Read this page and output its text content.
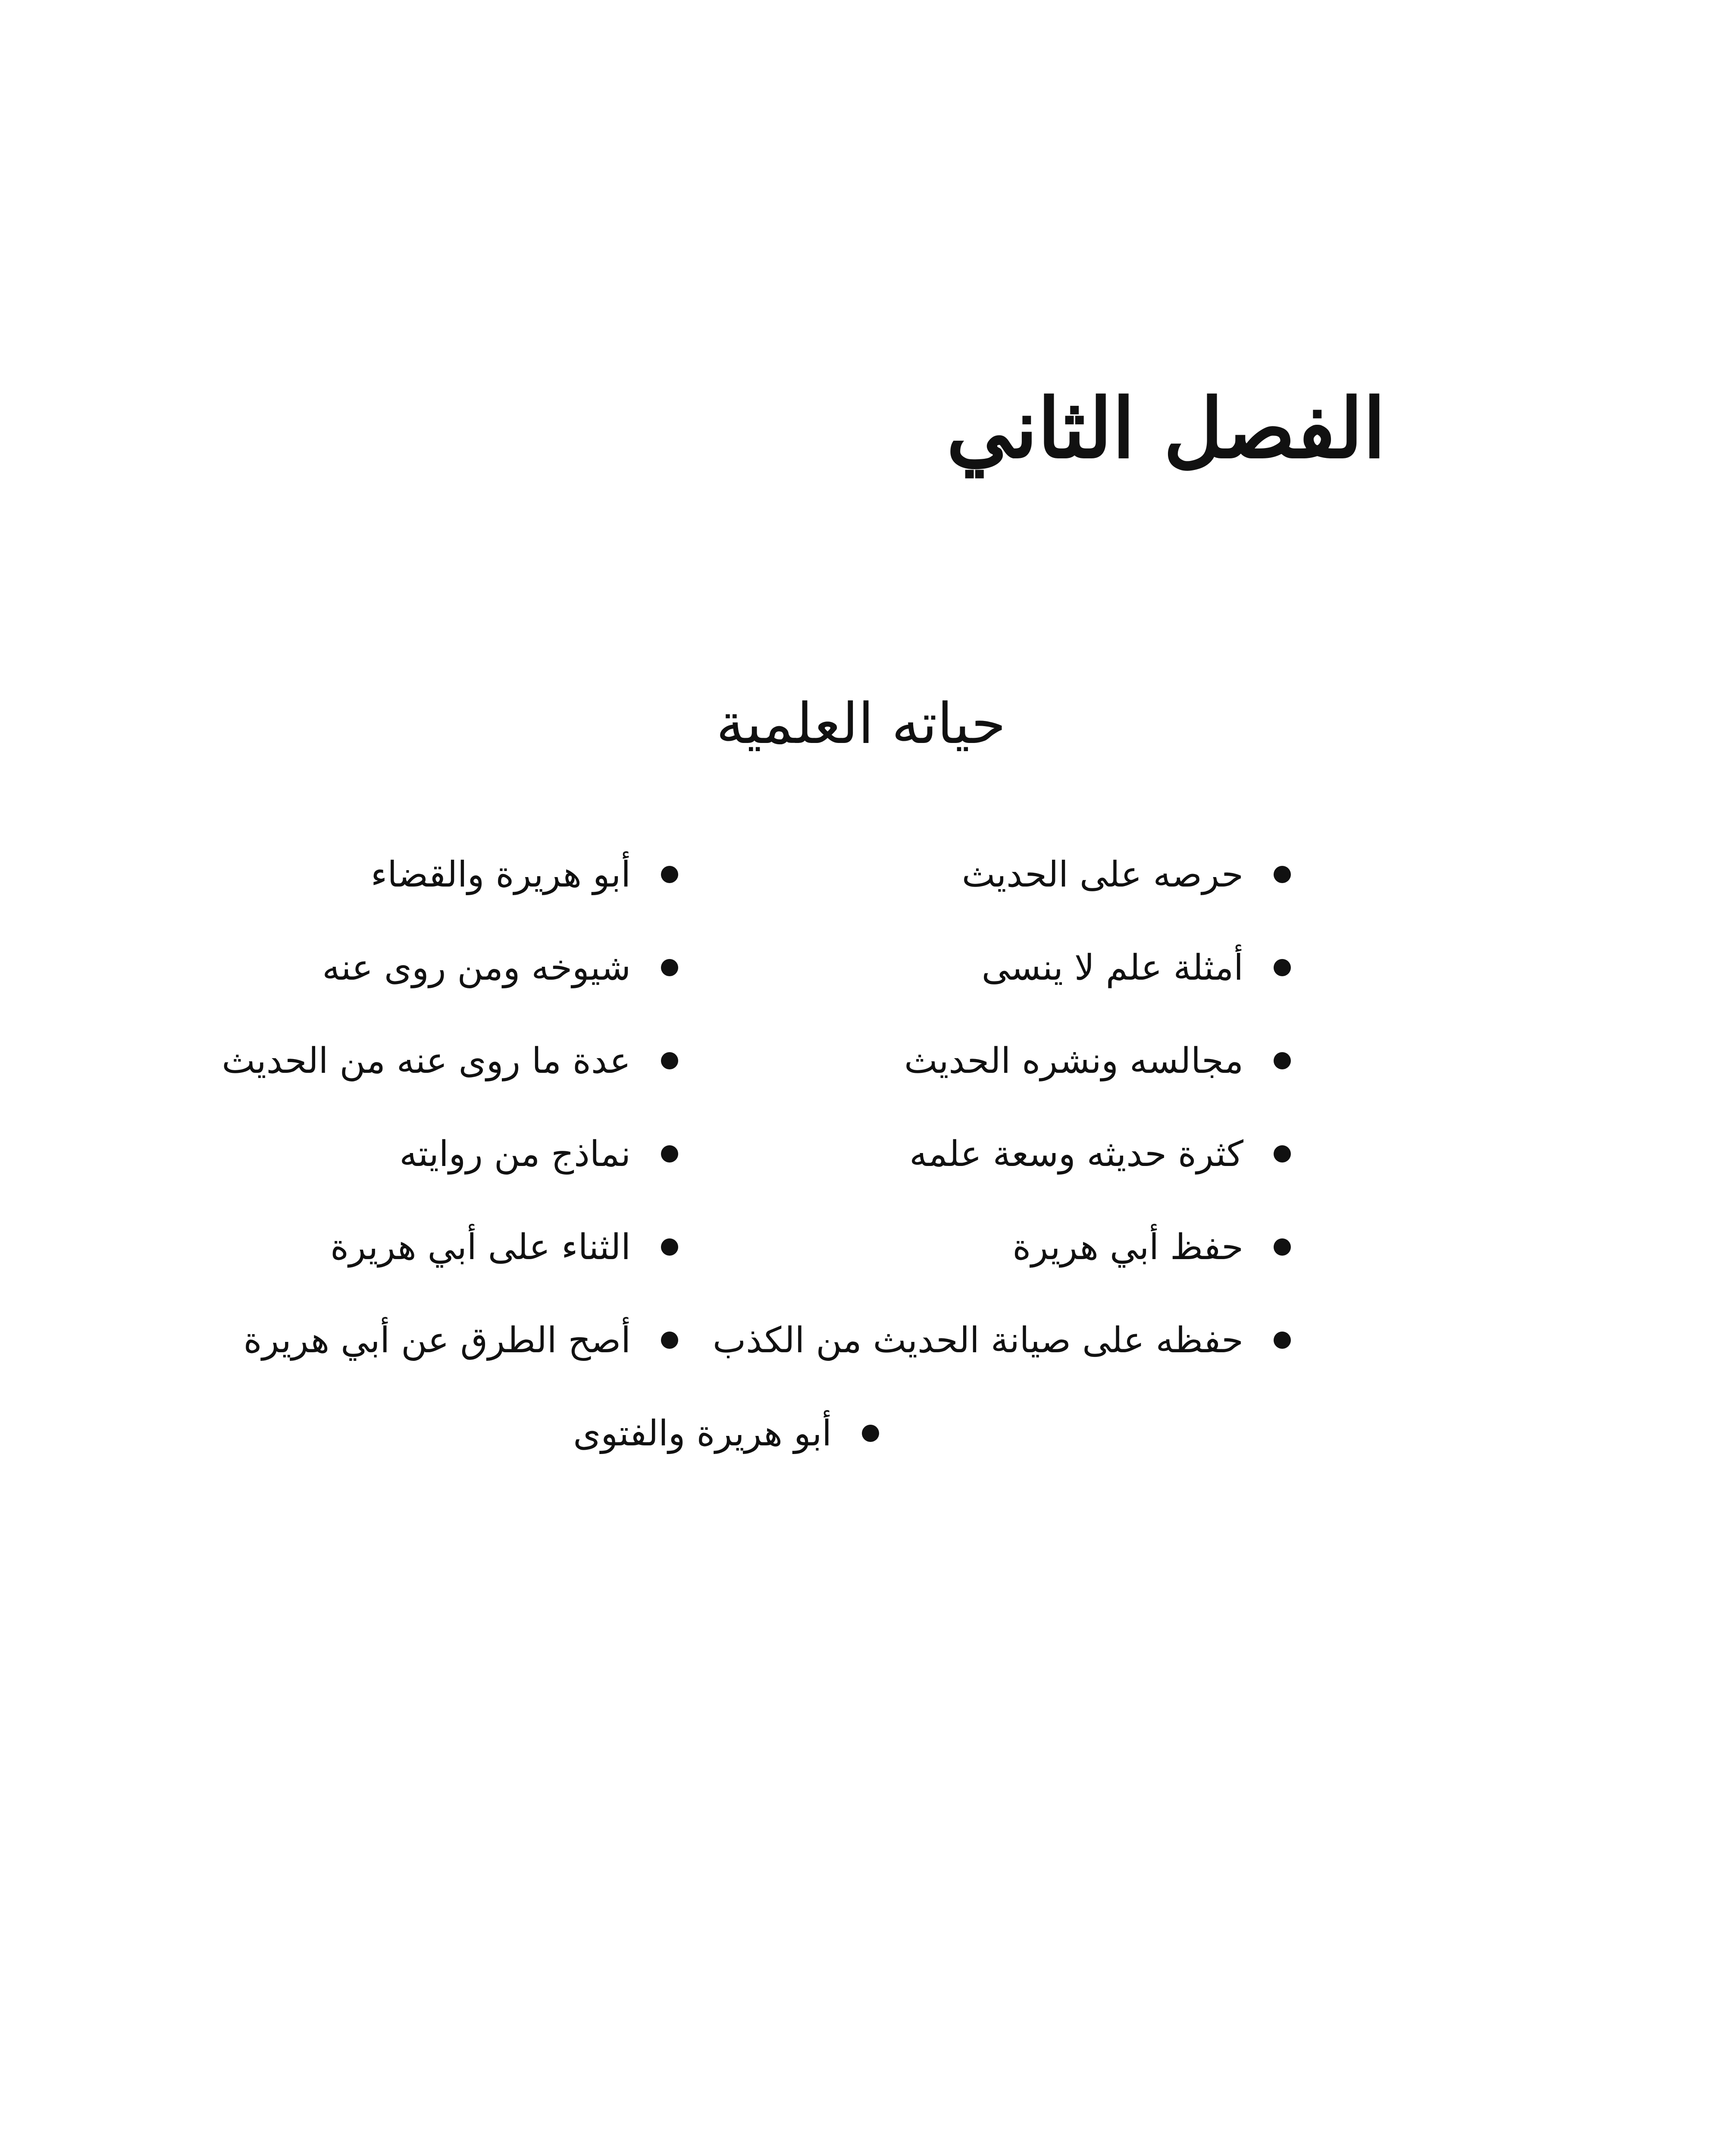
الفصل الثاني
حياته العلمية
حرصه على الحديث
أبو هريرة والقضاء
أمثلة علم لا ينسى
شيوخه ومن روى عنه
مجالسه ونشره الحديث
عدة ما روى عنه من الحديث
كثرة حديثه وسعة علمه
نماذج من روايته
حفظ أبي هريرة
الثناء على أبي هريرة
حفظه على صيانة الحديث من الكذب
أصح الطرق عن أبي هريرة
أبو هريرة والفتوى
